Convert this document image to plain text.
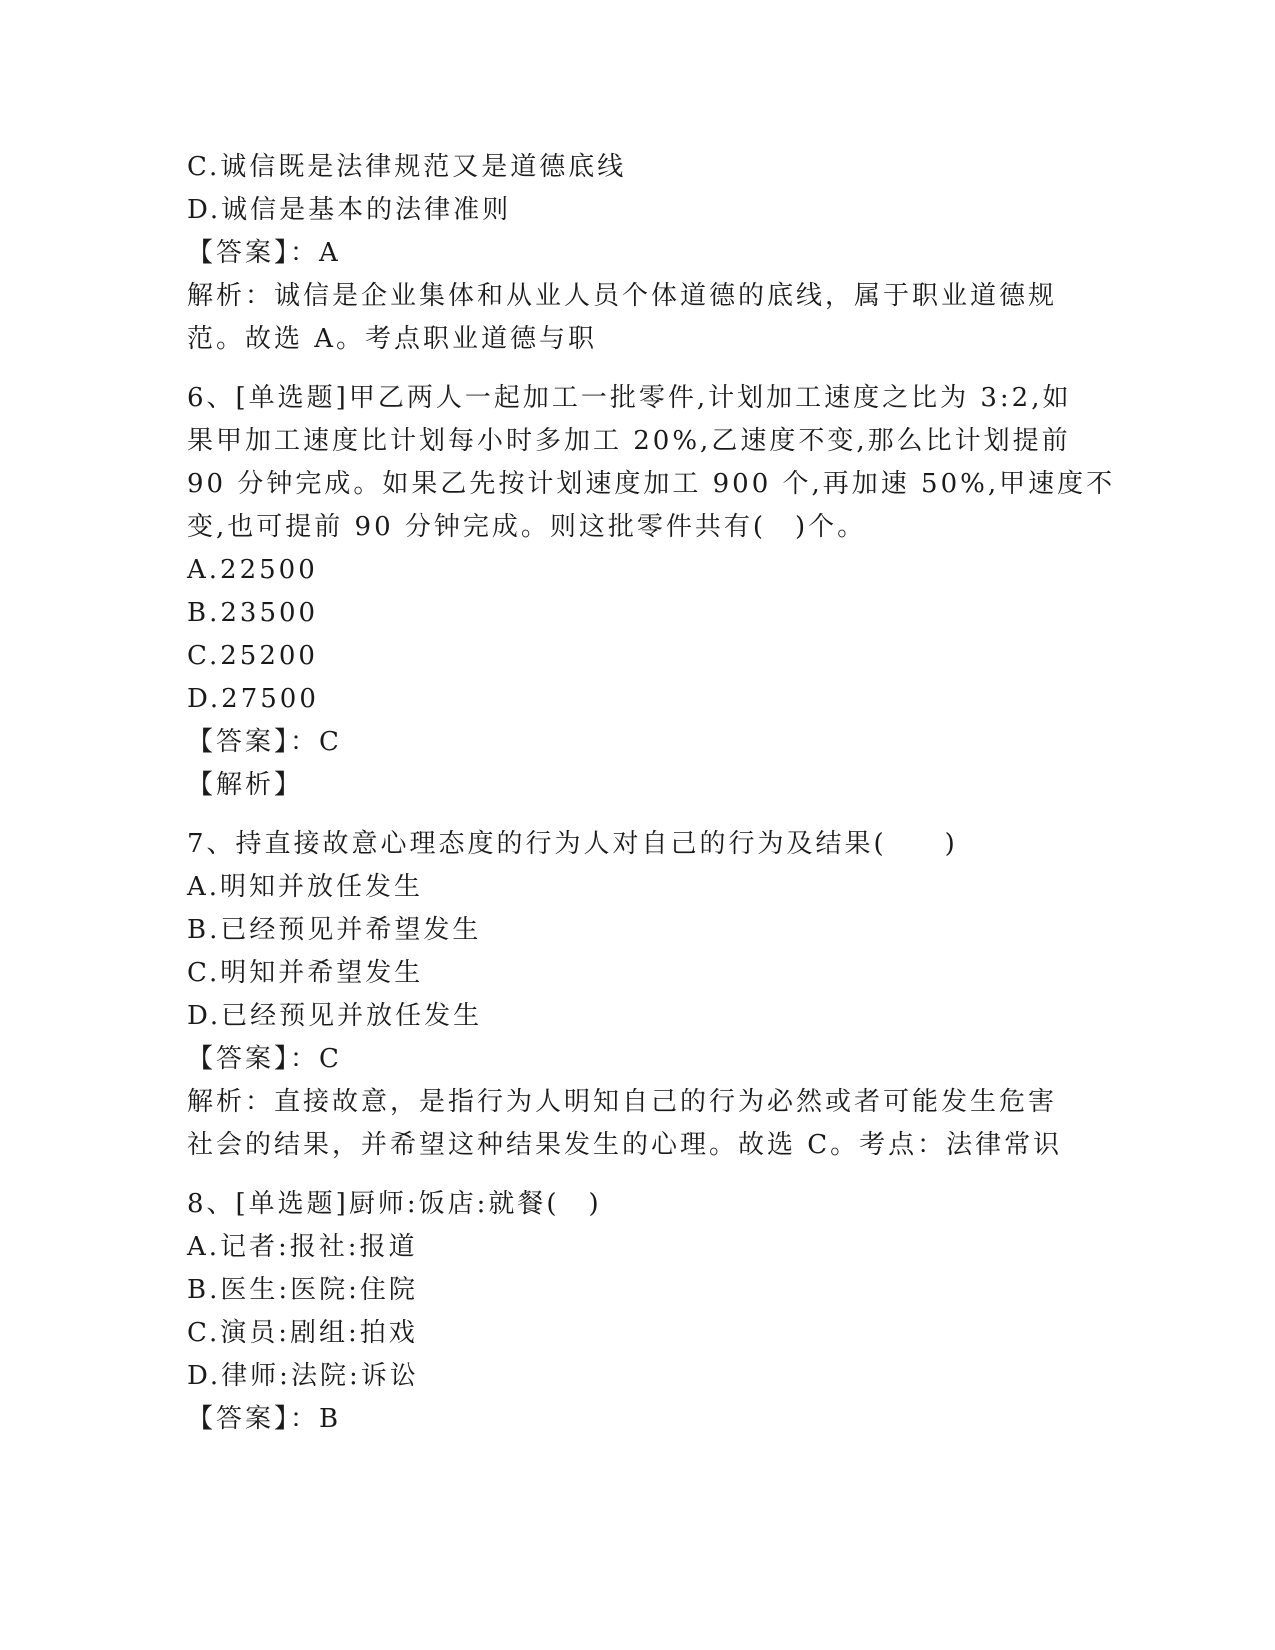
C.诚信既是法律规范又是道德底线
D.诚信是基本的法律准则
【答案】：A
解析：诚信是企业集体和从业人员个体道德的底线，属于职业道德规
范。故选 A。考点职业道德与职
6、[单选题]甲乙两人一起加工一批零件,计划加工速度之比为 3:2,如
果甲加工速度比计划每小时多加工 20%,乙速度不变,那么比计划提前
90 分钟完成。如果乙先按计划速度加工 900 个,再加速 50%,甲速度不
变,也可提前 90 分钟完成。则这批零件共有(　)个。
A.22500
B.23500
C.25200
D.27500
【答案】：C
【解析】
7、持直接故意心理态度的行为人对自己的行为及结果(　　)
A.明知并放任发生
B.已经预见并希望发生
C.明知并希望发生
D.已经预见并放任发生
【答案】：C
解析：直接故意，是指行为人明知自己的行为必然或者可能发生危害
社会的结果，并希望这种结果发生的心理。故选 C。考点：法律常识
8、[单选题]厨师:饭店:就餐(　)
A.记者:报社:报道
B.医生:医院:住院
C.演员:剧组:拍戏
D.律师:法院:诉讼
【答案】：B
